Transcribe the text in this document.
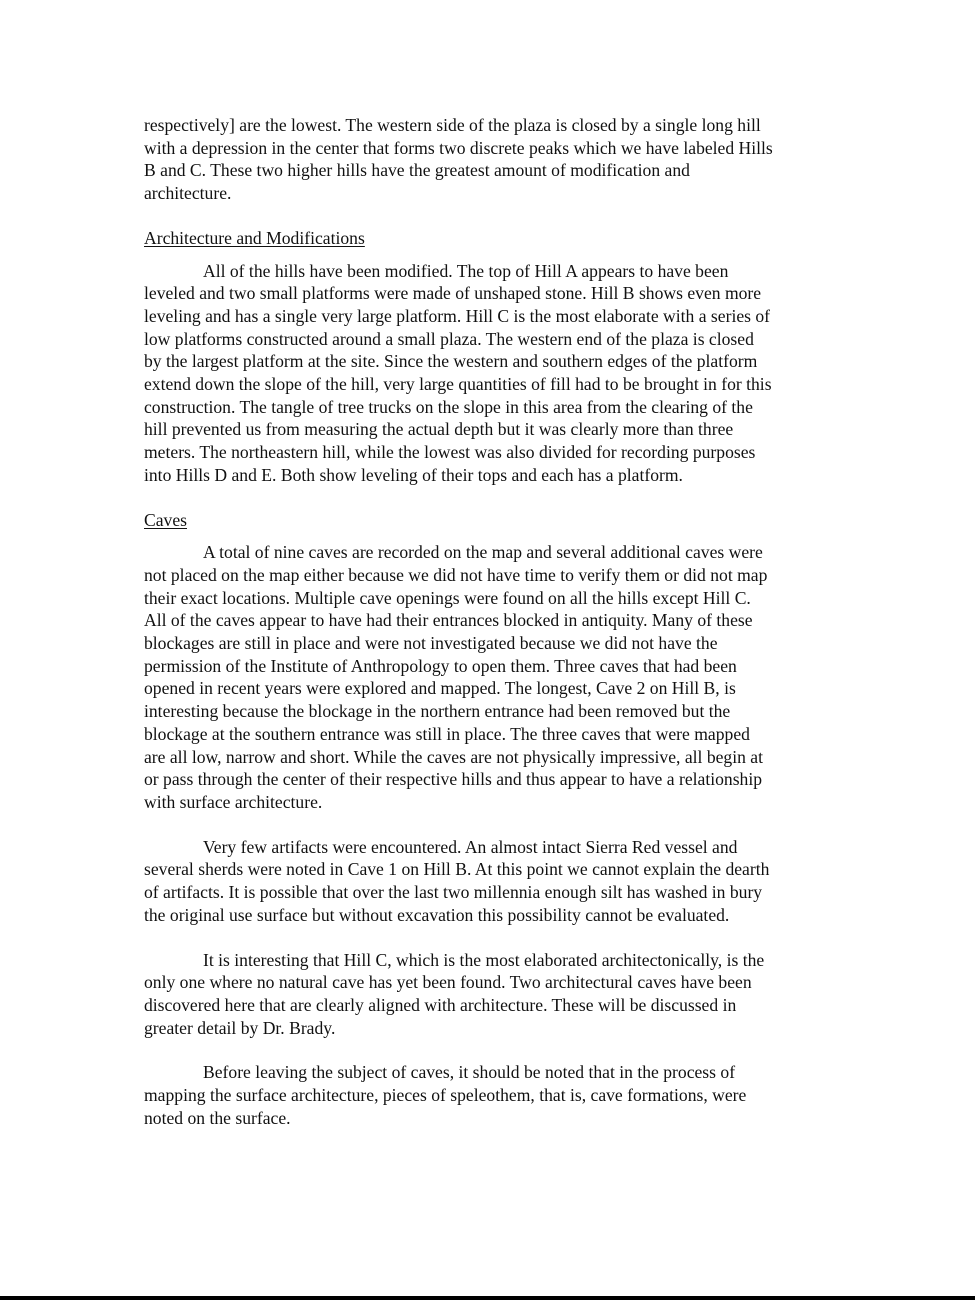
respectively] are the lowest. The western side of the plaza is closed by a single long hill
with a depression in the center that forms two discrete peaks which we have labeled Hills
B and C. These two higher hills have the greatest amount of modification and
architecture.

Architecture and Modifications

All of the hills have been modified. The top of Hill A appears to have been
leveled and two small platforms were made of unshaped stone. Hill B shows even more
leveling and has a single very large platform. Hill C is the most elaborate with a series of
low platforms constructed around a small plaza. The western end of the plaza is closed
by the largest platform at the site. Since the western and southern edges of the platform
extend down the slope of the hill, very large quantities of fill had to be brought in for this
construction. The tangle of tree trucks on the slope in this area from the clearing of the
hill prevented us from measuring the actual depth but it was clearly more than three
meters. The northeastern hill, while the lowest was also divided for recording purposes
into Hills D and E. Both show leveling of their tops and each has a platform.

Caves

A total of nine caves are recorded on the map and several additional caves were
not placed on the map either because we did not have time to verify them or did not map
their exact locations. Multiple cave openings were found on all the hills except Hill C.
All of the caves appear to have had their entrances blocked in antiquity. Many of these
blockages are still in place and were not investigated because we did not have the
permission of the Institute of Anthropology to open them. Three caves that had been
opened in recent years were explored and mapped. The longest, Cave 2 on Hill B, is
interesting because the blockage in the northern entrance had been removed but the
blockage at the southern entrance was still in place. The three caves that were mapped
are all low, narrow and short. While the caves are not physically impressive, all begin at
or pass through the center of their respective hills and thus appear to have a relationship
with surface architecture.

Very few artifacts were encountered. An almost intact Sierra Red vessel and
several sherds were noted in Cave 1 on Hill B. At this point we cannot explain the dearth
of artifacts. It is possible that over the last two millennia enough silt has washed in bury
the original use surface but without excavation this possibility cannot be evaluated.

It is interesting that Hill C, which is the most elaborated architectonically, is the
only one where no natural cave has yet been found. Two architectural caves have been
discovered here that are clearly aligned with architecture. These will be discussed in
greater detail by Dr. Brady.

Before leaving the subject of caves, it should be noted that in the process of
mapping the surface architecture, pieces of speleothem, that is, cave formations, were
noted on the surface.
